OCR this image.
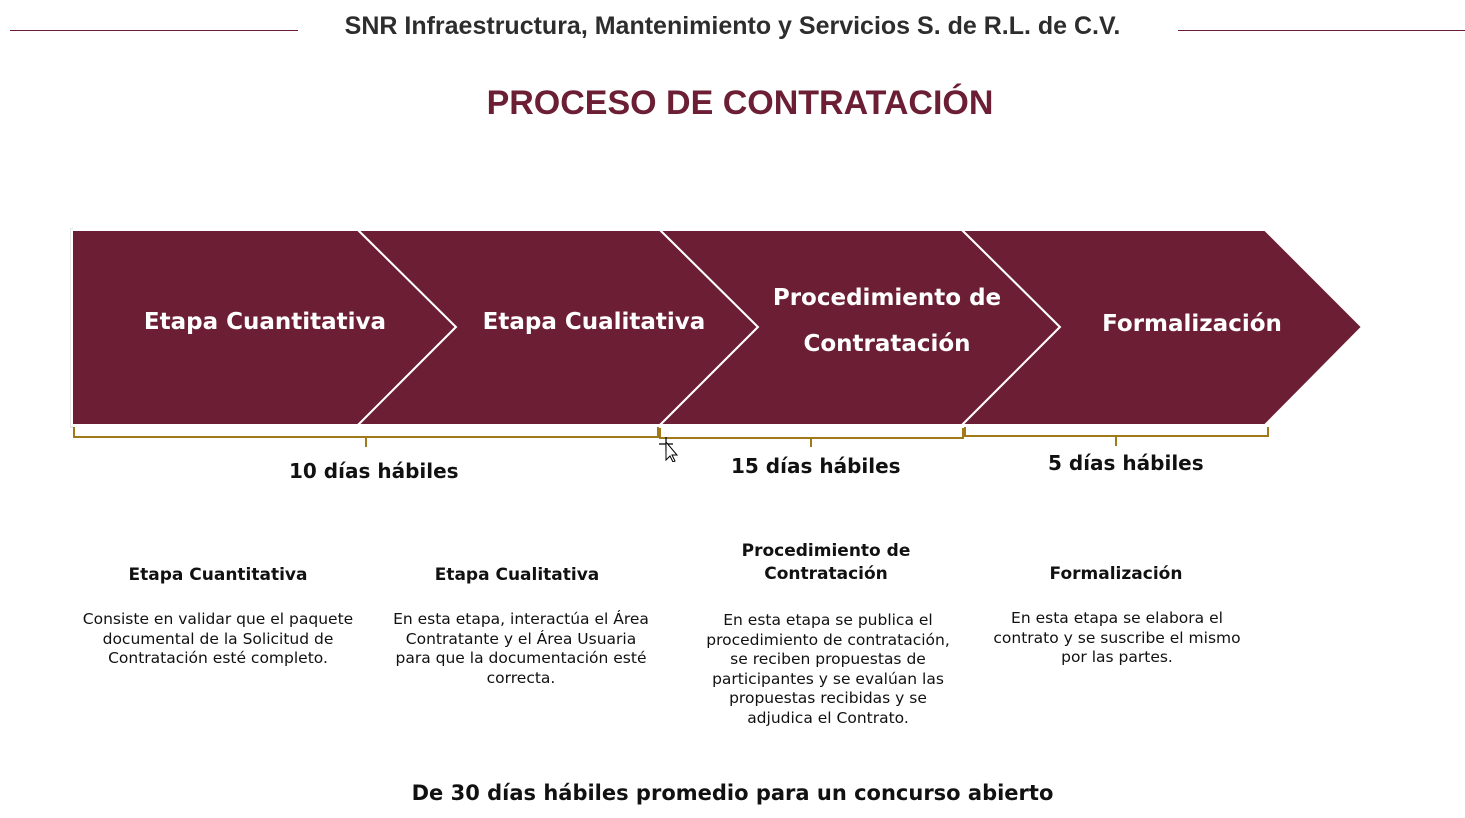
SNR Infraestructura, Mantenimiento y Servicios S. de R.L. de C.V.
PROCESO DE CONTRATACIÓN
Etapa Cuantitativa	Etapa Cualitativa
Procedimiento de Contratación
Formalización
10 días hábiles	15 días hábiles	5 días hábiles
Etapa Cuantitativa
Consiste en validar que el paquete documental de la Solicitud de Contratación esté completo.
Etapa Cualitativa
En esta etapa, interactúa el Área Contratante y el Área Usuaria para que la documentación esté correcta.
Procedimiento de Contratación
En esta etapa se publica el procedimiento de contratación, se reciben propuestas de participantes y se evalúan las propuestas recibidas y se adjudica el Contrato.
Formalización
En esta etapa se elabora el contrato y se suscribe el mismo por las partes.
De 30 días hábiles promedio para un concurso abierto
